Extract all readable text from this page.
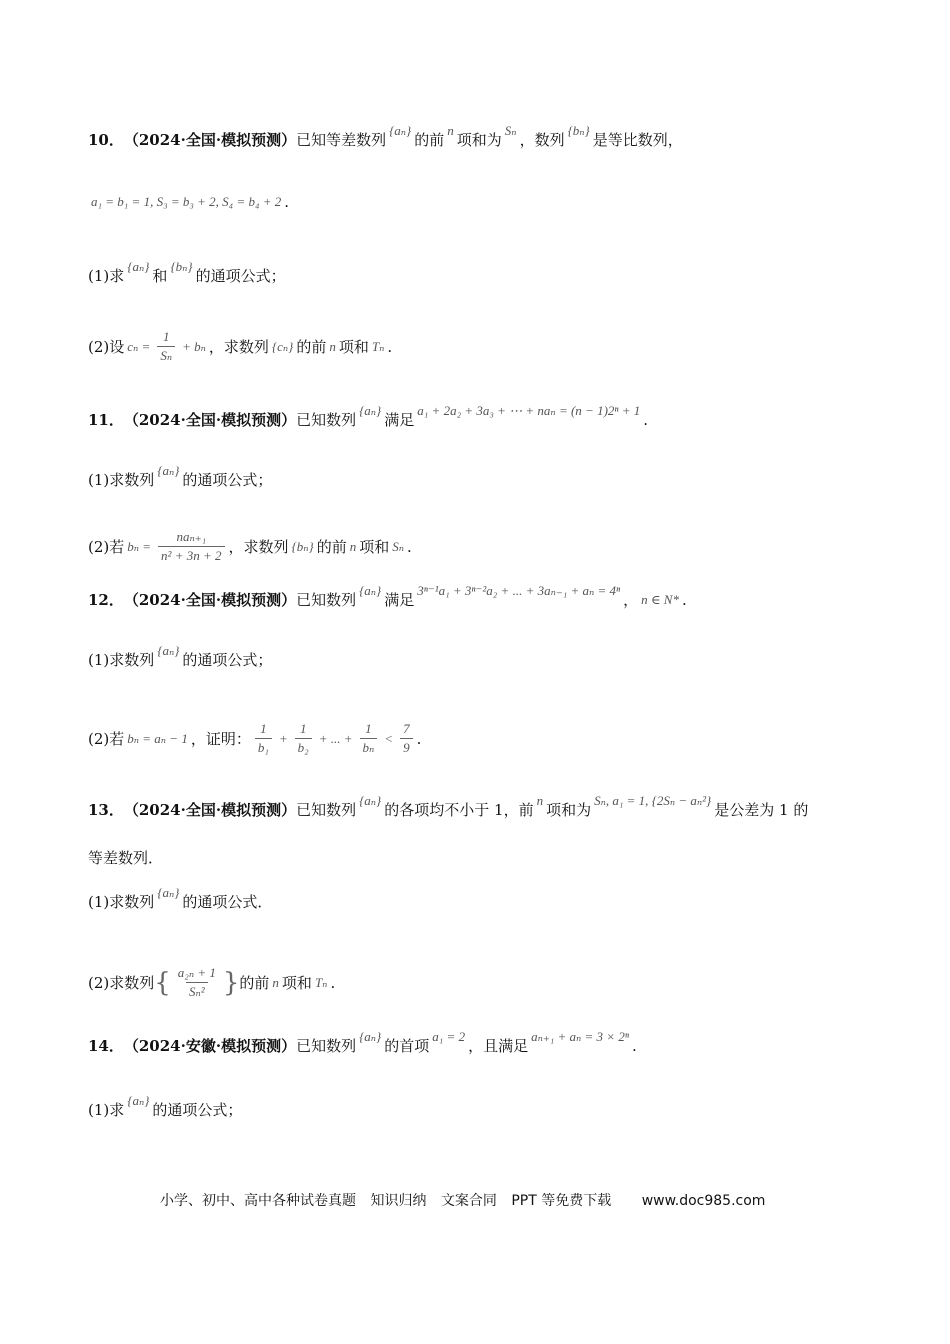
10． （2024·全国·模拟预测） 已知等差数列
{aₙ}
的前
n
项和为
Sₙ
，数列
{bₙ}
是等比数列，
a₁ = b₁ = 1, S₃ = b₃ + 2, S₄ = b₄ + 2 .
(1)求
{aₙ}
和
{bₙ}
的通项公式；
(2)设 $c_n = \frac{1}{\text{Sₙ}} + b_n$ ，求数列 {cₙ} 的前 n 项和 Tₙ .
11． （2024·全国·模拟预测） 已知数列
{aₙ}
满足
a₁ + 2a₂ + 3a₃ + ⋯ + naₙ = (n − 1)2ⁿ + 1
.
(1)求数列
{aₙ}
的通项公式；
(2)若 $b_n = \frac{\text{naₙ₊₁}}{\text{n² + 3n + 2}}$ ，求数列 {bₙ} 的前 n 项和 Sₙ .
12． （2024·全国·模拟预测） 已知数列
{aₙ}
满足
3ⁿ⁻¹a₁ + 3ⁿ⁻²a₂ + ... + 3aₙ₋₁ + aₙ = 4ⁿ
， n ∈ N* .
(1)求数列
{aₙ}
的通项公式；
(2)若 bₙ = aₙ − 1 ，证明： $\frac{1}{\text{b₁}} + \frac{1}{\text{b₂}}$ + ... + $\frac{1}{\text{bₙ}} < \frac{7}{9}$ .
13． （2024·全国·模拟预测） 已知数列
{aₙ}
的各项均不小于 1，前
n
项和为
Sₙ, a₁ = 1, {2Sₙ − aₙ²}
是公差为 1 的
等差数列．
(1)求数列
{aₙ}
的通项公式．
(2)求数列 { $\frac{\text{a₂ₙ + 1}}{\text{Sₙ²}}$ } 的前 n 项和 Tₙ .
14． （2024·安徽·模拟预测） 已知数列
{aₙ}
的首项
a₁ = 2
，且满足
aₙ₊₁ + aₙ = 3 × 2ⁿ
.
(1)求
{aₙ}
的通项公式；
小学、初中、高中各种试卷真题 知识归纳 文案合同 PPT 等免费下载 www.doc985.com
